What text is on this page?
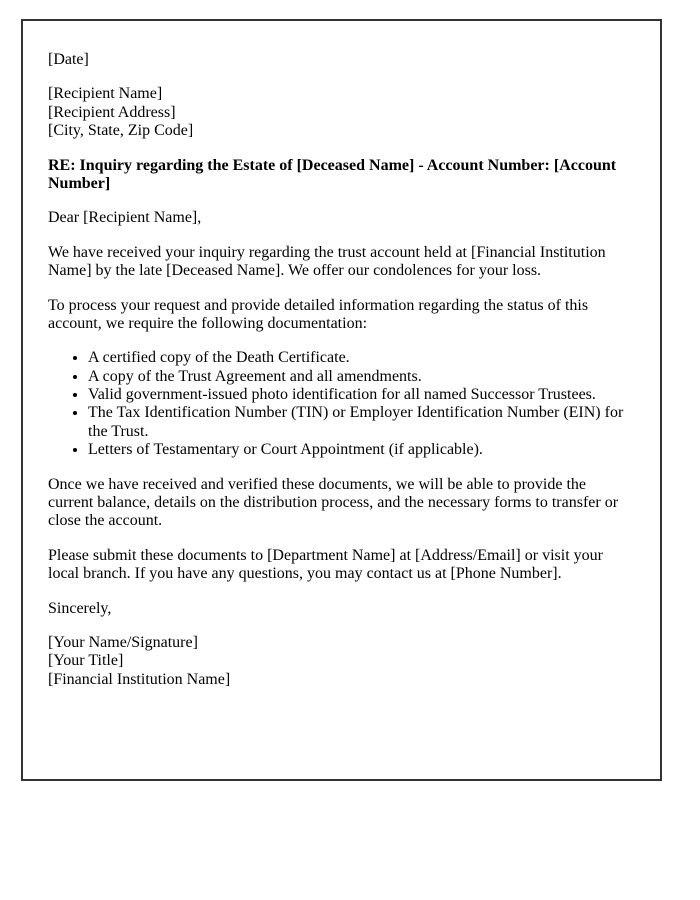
[Date]

[Recipient Name]
[Recipient Address]
[City, State, Zip Code]

RE: Inquiry regarding the Estate of [Deceased Name] - Account Number: [Account Number]

Dear [Recipient Name],

We have received your inquiry regarding the trust account held at [Financial Institution Name] by the late [Deceased Name]. We offer our condolences for your loss.

To process your request and provide detailed information regarding the status of this account, we require the following documentation:

• A certified copy of the Death Certificate.
• A copy of the Trust Agreement and all amendments.
• Valid government-issued photo identification for all named Successor Trustees.
• The Tax Identification Number (TIN) or Employer Identification Number (EIN) for the Trust.
• Letters of Testamentary or Court Appointment (if applicable).

Once we have received and verified these documents, we will be able to provide the current balance, details on the distribution process, and the necessary forms to transfer or close the account.

Please submit these documents to [Department Name] at [Address/Email] or visit your local branch. If you have any questions, you may contact us at [Phone Number].

Sincerely,

[Your Name/Signature]
[Your Title]
[Financial Institution Name]
